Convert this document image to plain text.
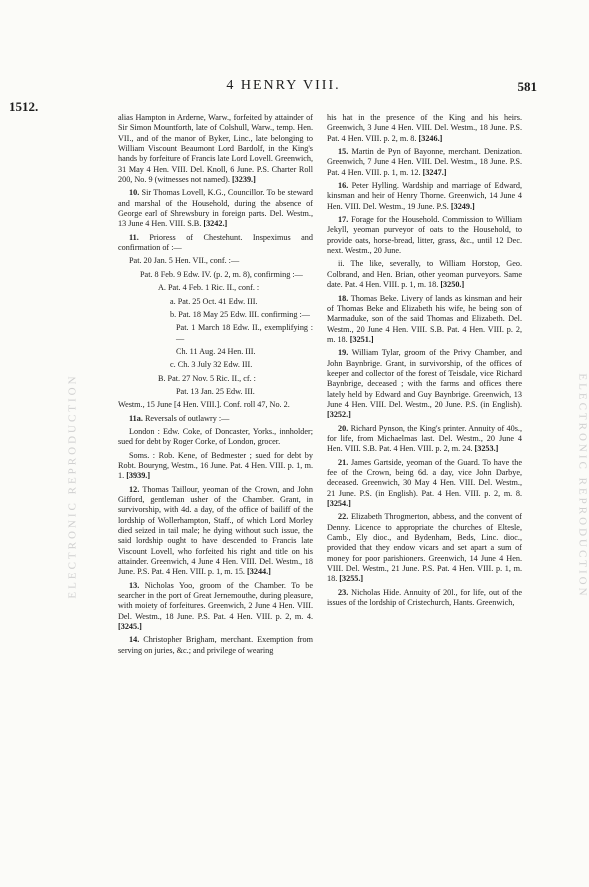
1512.
4 HENRY VIII.	581
ELECTRONIC REPRODUCTION	ELECTRONIC REPRODUCTION

alias Hampton in Arderne, Warw., forfeited by attainder of Sir Simon Mountforth, late of Colshull, Warw., temp. Hen. VII., and of the manor of Byker, Linc., late belonging to William Viscount Beaumont Lord Bardolf, in the King's hands by forfeiture of Francis late Lord Lovell. Greenwich, 31 May 4 Hen. VIII. Del. Knoll, 6 June. P.S. Charter Roll 200, No. 9 (witnesses not named). [3239.]

10. Sir Thomas Lovell, K.G., Councillor. To be steward and marshal of the Household, during the absence of George earl of Shrewsbury in foreign parts. Del. Westm., 13 June 4 Hen. VIII. S.B. [3242.]

11. Prioress of Chestehunt. Inspeximus and confirmation of :—

Pat. 20 Jan. 5 Hen. VII., conf. :—

Pat. 8 Feb. 9 Edw. IV. (p. 2, m. 8), confirming :—

A. Pat. 4 Feb. 1 Ric. II., conf. :

a. Pat. 25 Oct. 41 Edw. III.

b. Pat. 18 May 25 Edw. III. confirming :—

Pat. 1 March 18 Edw. II., exemplifying :—

Ch. 11 Aug. 24 Hen. III.

c. Ch. 3 July 32 Edw. III.

B. Pat. 27 Nov. 5 Ric. II., cf. :

Pat. 13 Jan. 25 Edw. III.

Westm., 15 June [4 Hen. VIII.]. Conf. roll 47, No. 2.

11a. Reversals of outlawry :—

London : Edw. Coke, of Doncaster, Yorks., innholder; sued for debt by Roger Corke, of London, grocer.

Soms. : Rob. Kene, of Bedmester ; sued for debt by Robt. Bouryng, Westm., 16 June. Pat. 4 Hen. VIII. p. 1, m. 1. [3939.]

12. Thomas Taillour, yeoman of the Crown, and John Gifford, gentleman usher of the Chamber. Grant, in survivorship, with 4d. a day, of the office of bailiff of the lordship of Wollerhampton, Staff., of which Lord Morley died seized in tail male; he dying without such issue, the said lordship ought to have descended to Francis late Viscount Lovell, who forfeited his right and title on his attainder. Greenwich, 4 June 4 Hen. VIII. Del. Westm., 18 June. P.S. Pat. 4 Hen. VIII. p. 1, m. 15. [3244.]

13. Nicholas Yoo, groom of the Chamber. To be searcher in the port of Great Jernemouthe, during pleasure, with moiety of forfeitures. Greenwich, 2 June 4 Hen. VIII. Del. Westm., 18 June. P.S. Pat. 4 Hen. VIII. p. 2, m. 4. [3245.]

14. Christopher Brigham, merchant. Exemption from serving on juries, &c.; and privilege of wearing

his hat in the presence of the King and his heirs. Greenwich, 3 June 4 Hen. VIII. Del. Westm., 18 June. P.S. Pat. 4 Hen. VIII. p. 2, m. 8. [3246.]

15. Martin de Pyn of Bayonne, merchant. Denization. Greenwich, 7 June 4 Hen. VIII. Del. Westm., 18 June. P.S. Pat. 4 Hen. VIII. p. 1, m. 12. [3247.]

16. Peter Hylling. Wardship and marriage of Edward, kinsman and heir of Henry Thorne. Greenwich, 14 June 4 Hen. VIII. Del. Westm., 19 June. P.S. [3249.]

17. Forage for the Household. Commission to William Jekyll, yeoman purveyor of oats to the Household, to provide oats, horse-bread, litter, grass, &c., until 12 Dec. next. Westm., 20 June.

ii. The like, severally, to William Horstop, Geo. Colbrand, and Hen. Brian, other yeoman purveyors. Same date. Pat. 4 Hen. VIII. p. 1, m. 18. [3250.]

18. Thomas Beke. Livery of lands as kinsman and heir of Thomas Beke and Elizabeth his wife, he being son of Marmaduke, son of the said Thomas and Elizabeth. Del. Westm., 20 June 4 Hen. VIII. S.B. Pat. 4 Hen. VIII. p. 2, m. 18. [3251.]

19. William Tylar, groom of the Privy Chamber, and John Baynbrige. Grant, in survivorship, of the offices of keeper and collector of the forest of Teisdale, vice Richard Baynbrige, deceased ; with the farms and offices there lately held by Edward and Guy Baynbrige. Greenwich, 13 June 4 Hen. VIII. Del. Westm., 20 June. P.S. (in English). [3252.]

20. Richard Pynson, the King's printer. Annuity of 40s., for life, from Michaelmas last. Del. Westm., 20 June 4 Hen. VIII. S.B. Pat. 4 Hen. VIII. p. 2, m. 24. [3253.]

21. James Gartside, yeoman of the Guard. To have the fee of the Crown, being 6d. a day, vice John Darbye, deceased. Greenwich, 30 May 4 Hen. VIII. Del. Westm., 21 June. P.S. (in English). Pat. 4 Hen. VIII. p. 2, m. 8. [3254.]

22. Elizabeth Throgmerton, abbess, and the convent of Denny. Licence to appropriate the churches of Eltesle, Camb., Ely dioc., and Bydenham, Beds, Linc. dioc., provided that they endow vicars and set apart a sum of money for poor parishioners. Greenwich, 14 June 4 Hen. VIII. Del. Westm., 21 June. P.S. Pat. 4 Hen. VIII. p. 1, m. 18. [3255.]

23. Nicholas Hide. Annuity of 20l., for life, out of the issues of the lordship of Cristechurch, Hants. Greenwich,
